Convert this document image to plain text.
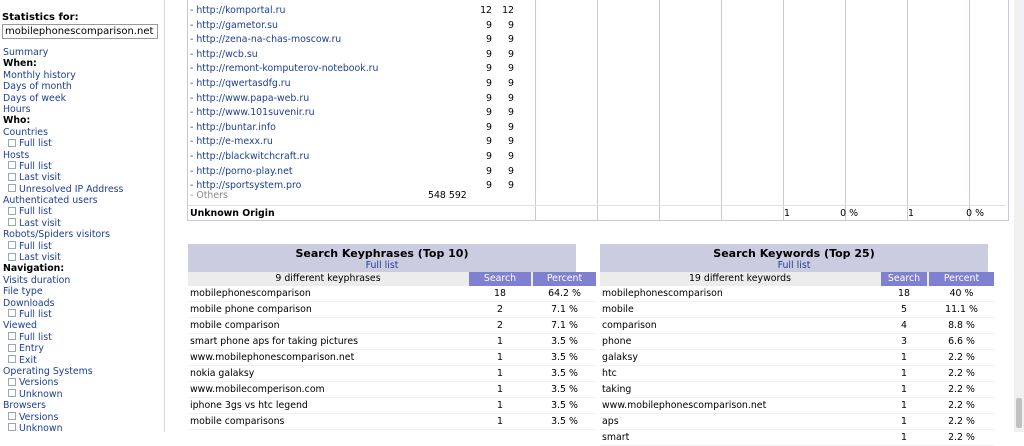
Statistics for:
mobilephonescomparison.net
Summary
When:
Monthly history
Days of month
Days of week
Hours
Who:
Countries
Full list
Hosts
Full list
Last visit
Unresolved IP Address
Authenticated users
Full list
Last visit
Robots/Spiders visitors
Full list
Last visit
Navigation:
Visits duration
File type
Downloads
Full list
Viewed
Full list
Entry
Exit
Operating Systems
Versions
Unknown
Browsers
Versions
Unknown
- http://komportal.ru	12	12
- http://gametor.su	9	9
- http://zena-na-chas-moscow.ru	9	9
- http://wcb.su	9	9
- http://remont-komputerov-notebook.ru	9	9
- http://qwertasdfg.ru	9	9
- http://www.papa-web.ru	9	9
- http://www.101suvenir.ru	9	9
- http://buntar.info	9	9
- http://e-mexx.ru	9	9
- http://blackwitchcraft.ru	9	9
- http://porno-play.net	9	9
- http://sportsystem.pro	9	9
- Others	548 592
Unknown Origin	1	0 %	1	0 %
Search Keyphrases (Top 10)
Full list
9 different keyphrases	Search	Percent
mobilephonescomparison	18	64.2 %
mobile phone comparison	2	7.1 %
mobile comparison	2	7.1 %
smart phone aps for taking pictures	1	3.5 %
www.mobilephonescomparison.net	1	3.5 %
nokia galaksy	1	3.5 %
www.mobilecomperison.com	1	3.5 %
iphone 3gs vs htc legend	1	3.5 %
mobile comparisons	1	3.5 %
Search Keywords (Top 25)
Full list
19 different keywords	Search	Percent
mobilephonescomparison	18	40 %
mobile	5	11.1 %
comparison	4	8.8 %
phone	3	6.6 %
galaksy	1	2.2 %
htc	1	2.2 %
taking	1	2.2 %
www.mobilephonescomparison.net	1	2.2 %
aps	1	2.2 %
smart	1	2.2 %
